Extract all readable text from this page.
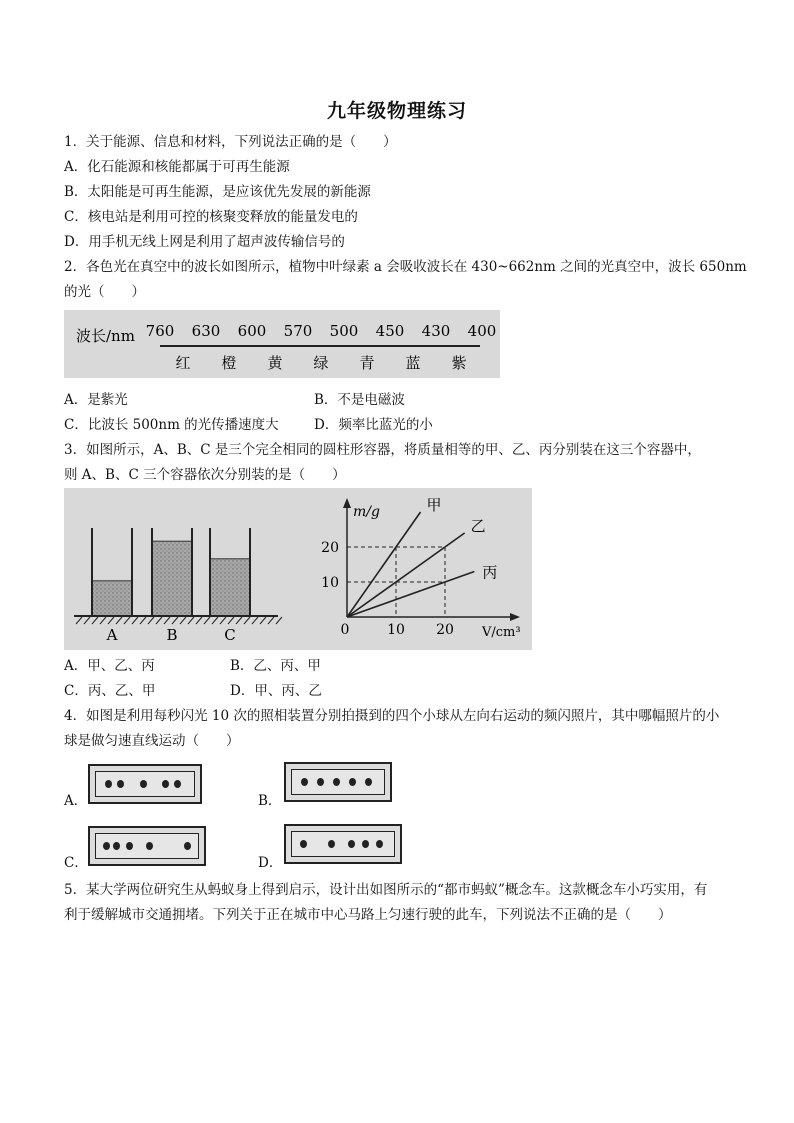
九年级物理练习
1．关于能源、信息和材料，下列说法正确的是（　　）
A．化石能源和核能都属于可再生能源
B．太阳能是可再生能源，是应该优先发展的新能源
C．核电站是利用可控的核聚变释放的能量发电的
D．用手机无线上网是利用了超声波传输信号的
2．各色光在真空中的波长如图所示，植物中叶绿素 a 会吸收波长在 430~662nm 之间的光真空中，波长 650nm
的光（　　）
波长/nm 760 630 600 570 500 450 430 400
红 橙 黄 绿 青 蓝 紫
A．是紫光	B．不是电磁波
C．比波长 500nm 的光传播速度大	D．频率比蓝光的小
3．如图所示，A、B、C 是三个完全相同的圆柱形容器，将质量相等的甲、乙、丙分别装在这三个容器中，
则 A、B、C 三个容器依次分别装的是（　　）
A	B	C
m/g
V/cm³
0	10 20
10
20
甲
乙
丙
A．甲、乙、丙	B．乙、丙、甲
C．丙、乙、甲	D．甲、丙、乙
4．如图是利用每秒闪光 10 次的照相装置分别拍摄到的四个小球从左向右运动的频闪照片，其中哪幅照片的小
球是做匀速直线运动（　　）
A．	B．
C．	D．
5．某大学两位研究生从蚂蚁身上得到启示，设计出如图所示的“都市蚂蚁”概念车。这款概念车小巧实用，有
利于缓解城市交通拥堵。下列关于正在城市中心马路上匀速行驶的此车，下列说法不正确的是（　　）
